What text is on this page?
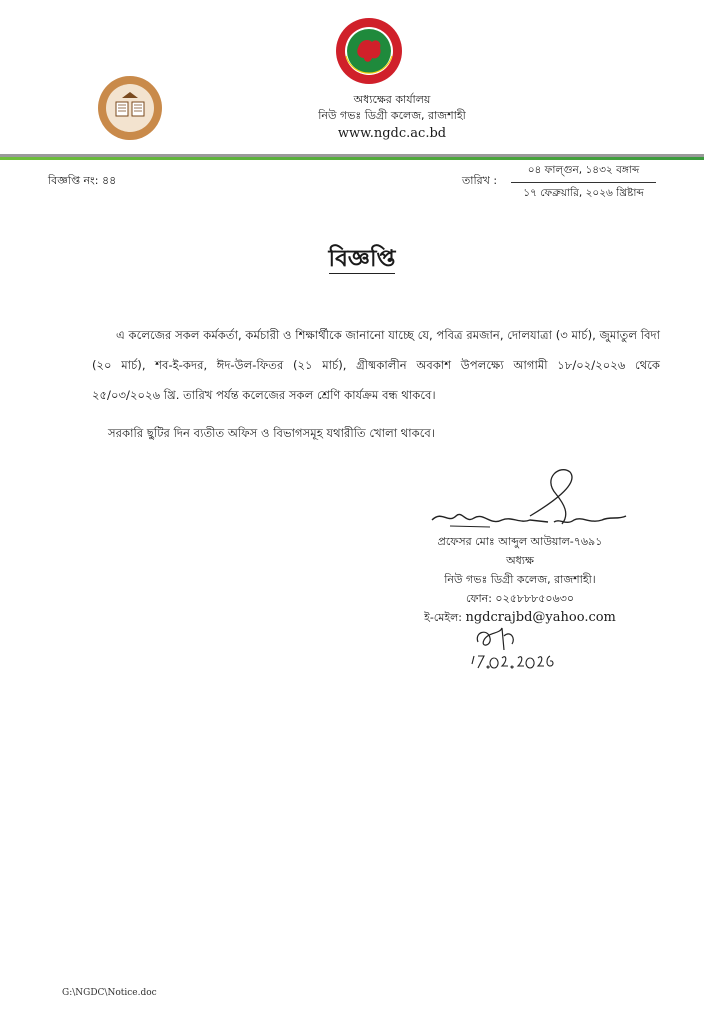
অধ্যক্ষের কার্যালয়
নিউ গভঃ ডিগ্রী কলেজ, রাজশাহী
www.ngdc.ac.bd
বিজ্ঞপ্তি নং: ৪৪	তারিখ :
০৪ ফাল্গুন, ১৪৩২ বঙ্গাব্দ
১৭ ফেব্রুয়ারি, ২০২৬ খ্রিষ্টাব্দ
বিজ্ঞপ্তি

এ কলেজের সকল কর্মকর্তা, কর্মচারী ও শিক্ষার্থীকে জানানো যাচ্ছে যে, পবিত্র রমজান, দোলযাত্রা (৩ মার্চ), জুমাতুল বিদা (২০ মার্চ), শব-ই-কদর, ঈদ-উল-ফিতর (২১ মার্চ), গ্রীষ্মকালীন অবকাশ উপলক্ষ্যে আগামী ১৮/০২/২০২৬ থেকে ২৫/০৩/২০২৬ খ্রি. তারিখ পর্যন্ত কলেজের সকল শ্রেণি কার্যক্রম বন্ধ থাকবে।

সরকারি ছুটির দিন ব্যতীত অফিস ও বিভাগসমূহ যথারীতি খোলা থাকবে।

প্রফেসর মোঃ আব্দুল আউয়াল-৭৬৯১
অধ্যক্ষ
নিউ গভঃ ডিগ্রী কলেজ, রাজশাহী।
ফোন: ০২৫৮৮৮৫০৬৩০
ই-মেইল: ngdcrajbd@yahoo.com
G:\NGDC\Notice.doc
